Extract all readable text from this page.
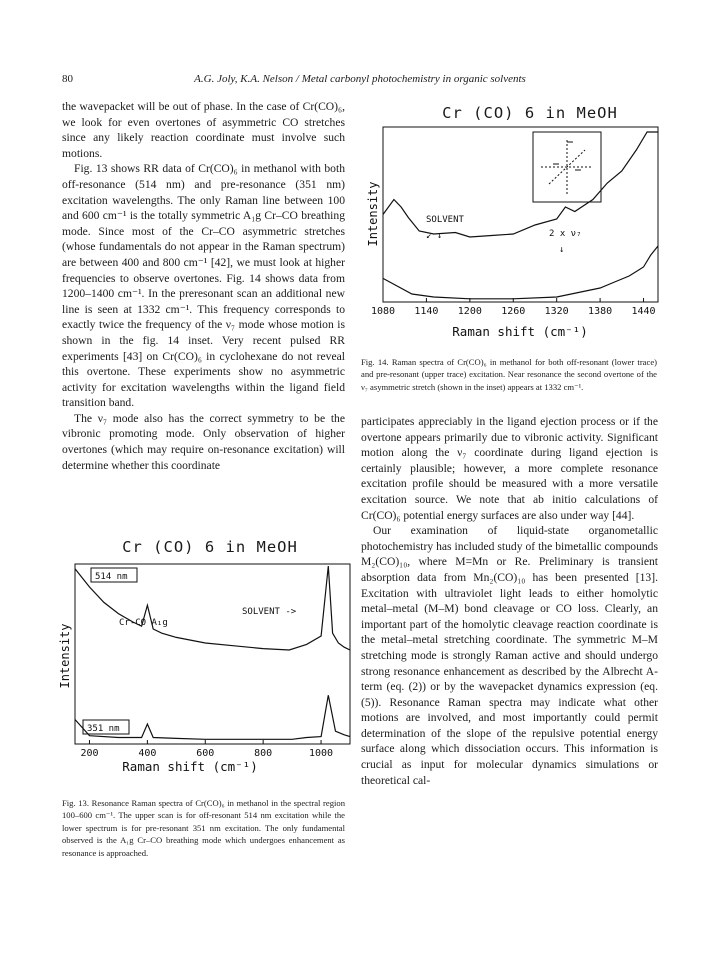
80	A.G. Joly, K.A. Nelson / Metal carbonyl photochemistry in organic solvents

the wavepacket will be out of phase. In the case of Cr(CO)₆, we look for even overtones of asymmetric CO stretches since any likely reaction coordinate must involve such motions.

Fig. 13 shows RR data of Cr(CO)₆ in methanol with both off-resonance (514 nm) and pre-resonance (351 nm) excitation wavelengths. The only Raman line between 100 and 600 cm⁻¹ is the totally symmetric A₁g Cr–CO breathing mode. Since most of the Cr–CO asymmetric stretches (whose fundamentals do not appear in the Raman spectrum) are between 400 and 800 cm⁻¹ [42], we must look at higher frequencies to observe overtones. Fig. 14 shows data from 1200–1400 cm⁻¹. In the preresonant scan an additional new line is seen at 1332 cm⁻¹. This frequency corresponds to exactly twice the frequency of the ν₇ mode whose motion is shown in the fig. 14 inset. Very recent pulsed RR experiments [43] on Cr(CO)₆ in cyclohexane do not reveal this overtone. These experiments show no asymmetric activity for excitation wavelengths within the ligand field transition band.

The ν₇ mode also has the correct symmetry to be the vibronic promoting mode. Only observation of higher overtones (which may require on-resonance excitation) will determine whether this coordinate

participates appreciably in the ligand ejection process or if the overtone appears primarily due to vibronic activity. Significant motion along the ν₇ coordinate during ligand ejection is certainly plausible; however, a more complete resonance excitation profile should be measured with a more versatile excitation source. We note that ab initio calculations of Cr(CO)₆ potential energy surfaces are also under way [44].

Our examination of liquid-state organometallic photochemistry has included study of the bimetallic compounds M₂(CO)₁₀, where M=Mn or Re. Preliminary is transient absorption data from Mn₂(CO)₁₀ has been presented [13]. Excitation with ultraviolet light leads to either homolytic metal–metal (M–M) bond cleavage or CO loss. Clearly, an important part of the homolytic cleavage reaction coordinate is the metal–metal stretching coordinate. The symmetric M–M stretching mode is strongly Raman active and should undergo strong resonance enhancement as described by the Albrecht A-term (eq. (2)) or by the wavepacket dynamics expression (eq. (5)). Resonance Raman spectra may indicate what other motions are involved, and most importantly could permit determination of the slope of the repulsive potential energy surface along which dissociation occurs. This information is crucial as input for molecular dynamics simulations or theoretical cal-

Cr (CO) 6 in MeOH
Intensity	SOLVENT
↙ ↓	2 x ν₇
↓
1080 1140 1200 1260 1320 1380 1440
Raman shift (cm⁻¹)
Fig. 14. Raman spectra of Cr(CO)₆ in methanol for both off-resonant (lower trace) and pre-resonant (upper trace) excitation. Near resonance the second overtone of the ν₇ asymmetric stretch (shown in the inset) appears at 1332 cm⁻¹.
Cr (CO) 6 in MeOH
Intensity
514 nm
351 nm
Cr-CO A₁g
SOLVENT ->
200	400	600	800	1000
Raman shift (cm⁻¹)
Fig. 13. Resonance Raman spectra of Cr(CO)₆ in methanol in the spectral region 100–600 cm⁻¹. The upper scan is for off-resonant 514 nm excitation while the lower spectrum is for pre-resonant 351 nm excitation. The only fundamental observed is the A₁g Cr–CO breathing mode which undergoes enhancement as resonance is approached.
